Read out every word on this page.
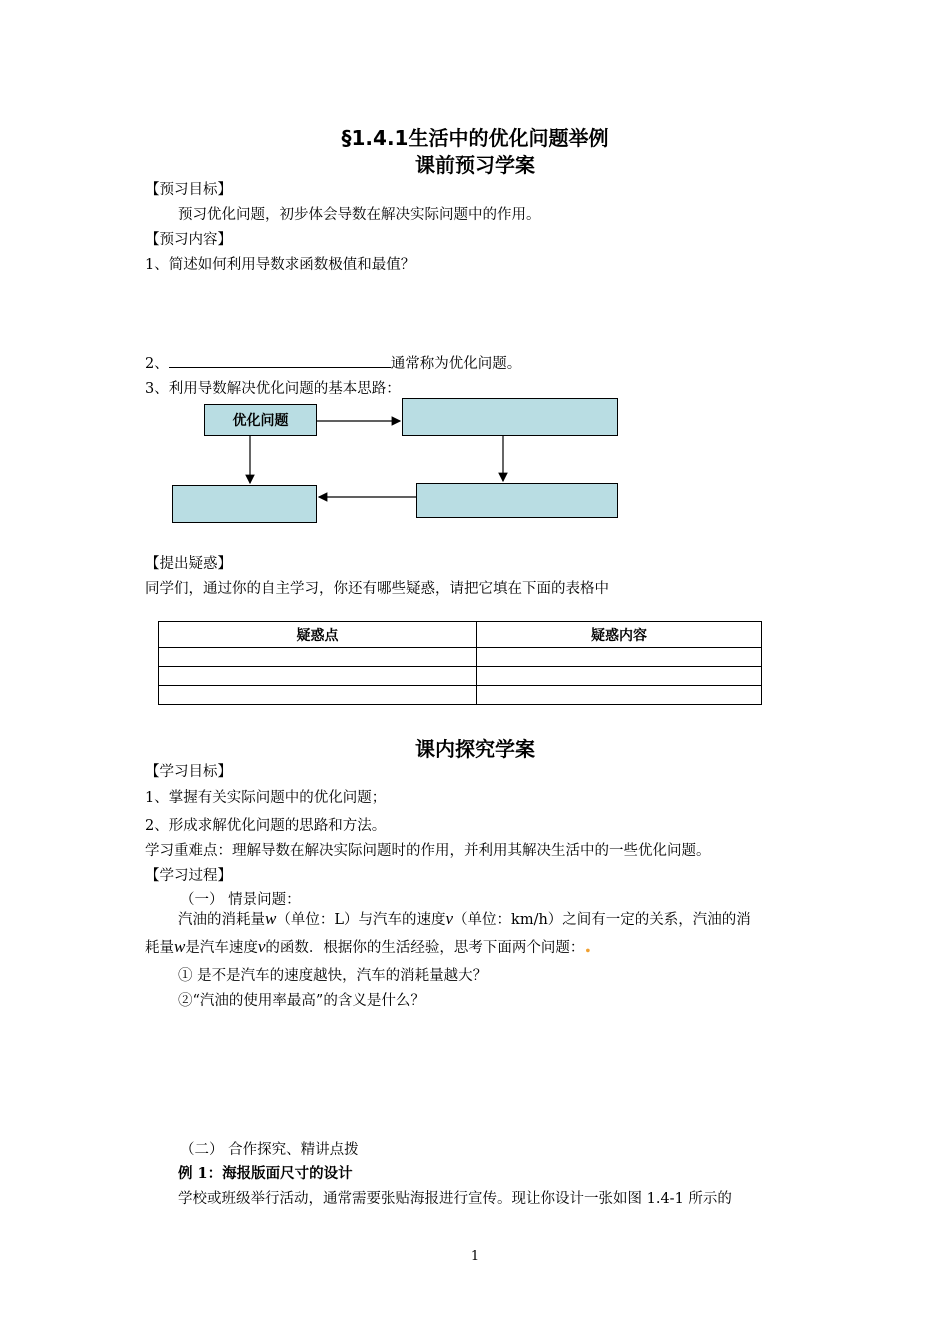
§1.4.1生活中的优化问题举例
课前预习学案
【预习目标】
预习优化问题，初步体会导数在解决实际问题中的作用。
【预习内容】
1、简述如何利用导数求函数极值和最值？
2、	通常称为优化问题。
3、利用导数解决优化问题的基本思路：
优化问题
【提出疑惑】
同学们，通过你的自主学习，你还有哪些疑惑，请把它填在下面的表格中
疑惑点	疑惑内容

课内探究学案
【学习目标】
1、掌握有关实际问题中的优化问题；
2、形成求解优化问题的思路和方法。
学习重难点：理解导数在解决实际问题时的作用，并利用其解决生活中的一些优化问题。
【学习过程】
（一） 情景问题：
汽油的消耗量w（单位：L）与汽车的速度v（单位：km/h）之间有一定的关系，汽油的消
耗量w是汽车速度v的函数．根据你的生活经验，思考下面两个问题：.
① 是不是汽车的速度越快，汽车的消耗量越大？
②“汽油的使用率最高”的含义是什么？
（二） 合作探究、精讲点拨
例 1：海报版面尺寸的设计
学校或班级举行活动，通常需要张贴海报进行宣传。现让你设计一张如图 1.4-1 所示的
1
